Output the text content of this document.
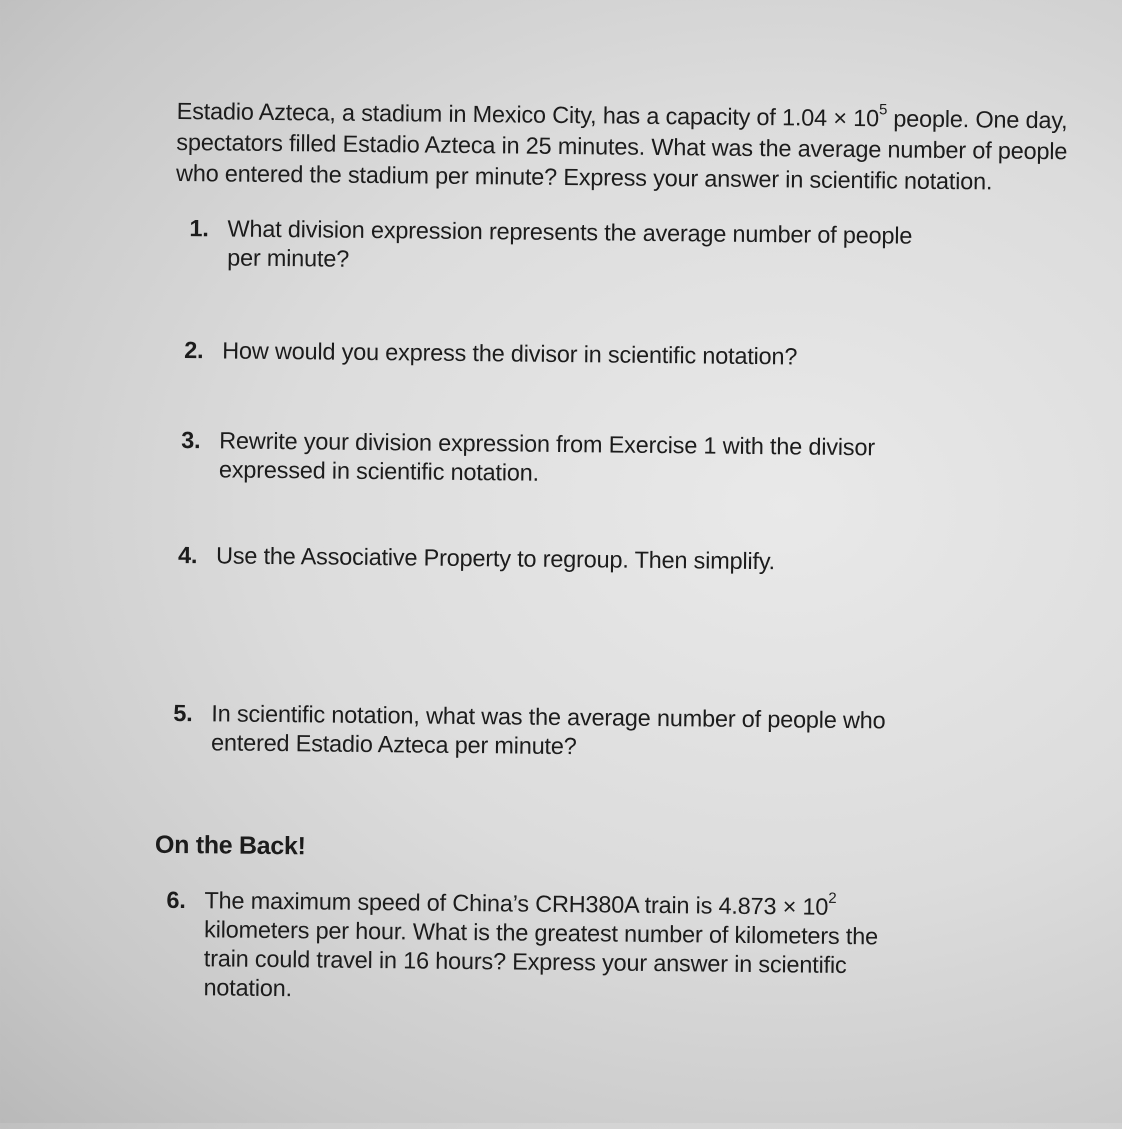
Estadio Azteca, a stadium in Mexico City, has a capacity of $1.04 \times 10^5$ people. One day, spectators filled Estadio Azteca in 25 minutes. What was the average number of people who entered the stadium per minute? Express your answer in scientific notation.

1. What division expression represents the average number of people per minute?
2. How would you express the divisor in scientific notation?
3. Rewrite your division expression from Exercise 1 with the divisor expressed in scientific notation.
4. Use the Associative Property to regroup. Then simplify.
5. In scientific notation, what was the average number of people who entered Estadio Azteca per minute?
On the Back!
6. The maximum speed of China’s CRH380A train is $4.873 \times 10^2$ kilometers per hour. What is the greatest number of kilometers the train could travel in 16 hours? Express your answer in scientific notation.
